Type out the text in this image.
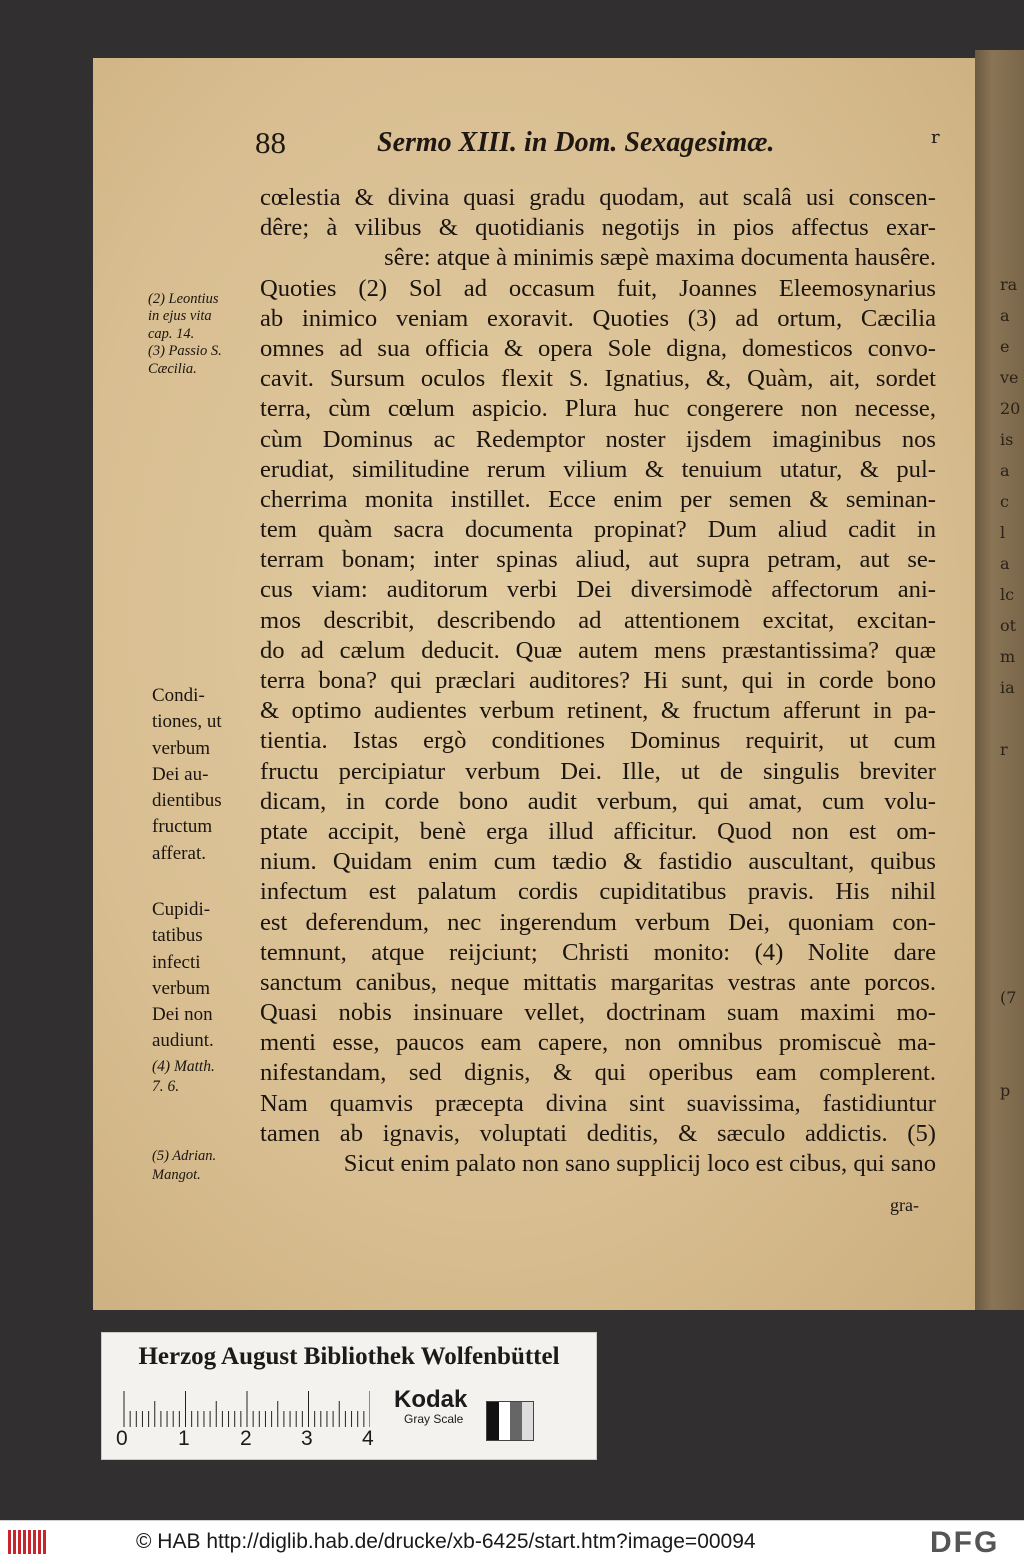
ra
a
e
ve
20
is
a
c
l
a
lc
ot
m
ia
r
(7
p
88	Sermo XIII. in Dom. Sexagesimæ.	r
cœlestia & divina quasi gradu quodam, aut scalâ usi conscen-
dêre; à vilibus & quotidianis negotijs in pios affectus exar-
sêre: atque à minimis sæpè maxima documenta hausêre.
Quoties (2) Sol ad occasum fuit, Joannes Eleemosynarius
ab inimico veniam exoravit. Quoties (3) ad ortum, Cæcilia
omnes ad sua officia & opera Sole digna, domesticos convo-
cavit. Sursum oculos flexit S. Ignatius, &, Quàm, ait, sordet
terra, cùm cœlum aspicio. Plura huc congerere non necesse,
cùm Dominus ac Redemptor noster ijsdem imaginibus nos
erudiat, similitudine rerum vilium & tenuium utatur, & pul-
cherrima monita instillet. Ecce enim per semen & seminan-
tem quàm sacra documenta propinat? Dum aliud cadit in
terram bonam; inter spinas aliud, aut supra petram, aut se-
cus viam: auditorum verbi Dei diversimodè affectorum ani-
mos describit, describendo ad attentionem excitat, excitan-
do ad cælum deducit. Quæ autem mens præstantissima? quæ
terra bona? qui præclari auditores? Hi sunt, qui in corde bono
& optimo audientes verbum retinent, & fructum afferunt in pa-
tientia. Istas ergò conditiones Dominus requirit, ut cum
fructu percipiatur verbum Dei. Ille, ut de singulis breviter
dicam, in corde bono audit verbum, qui amat, cum volu-
ptate accipit, benè erga illud afficitur. Quod non est om-
nium. Quidam enim cum tædio & fastidio auscultant, quibus
infectum est palatum cordis cupiditatibus pravis. His nihil
est deferendum, nec ingerendum verbum Dei, quoniam con-
temnunt, atque reijciunt; Christi monito: (4) Nolite dare
sanctum canibus, neque mittatis margaritas vestras ante porcos.
Quasi nobis insinuare vellet, doctrinam suam maximi mo-
menti esse, paucos eam capere, non omnibus promiscuè ma-
nifestandam, sed dignis, & qui operibus eam complerent.
Nam quamvis præcepta divina sint suavissima, fastidiuntur
tamen ab ignavis, voluptati deditis, & sæculo addictis. (5)
Sicut enim palato non sano supplicij loco est cibus, qui sano
(2) Leontius
in ejus vita
cap. 14.
(3) Passio S.
Cæcilia.
Condi-
tiones, ut
verbum
Dei au-
dientibus
fructum
afferat.
Cupidi-
tatibus
infecti
verbum
Dei non
audiunt.
(4) Matth.
7. 6.
(5) Adrian.
Mangot.
gra-
Herzog August Bibliothek Wolfenbüttel
0 1 2 3 4
Kodak
Gray Scale
© HAB http://diglib.hab.de/drucke/xb-6425/start.htm?image=00094	DFG
